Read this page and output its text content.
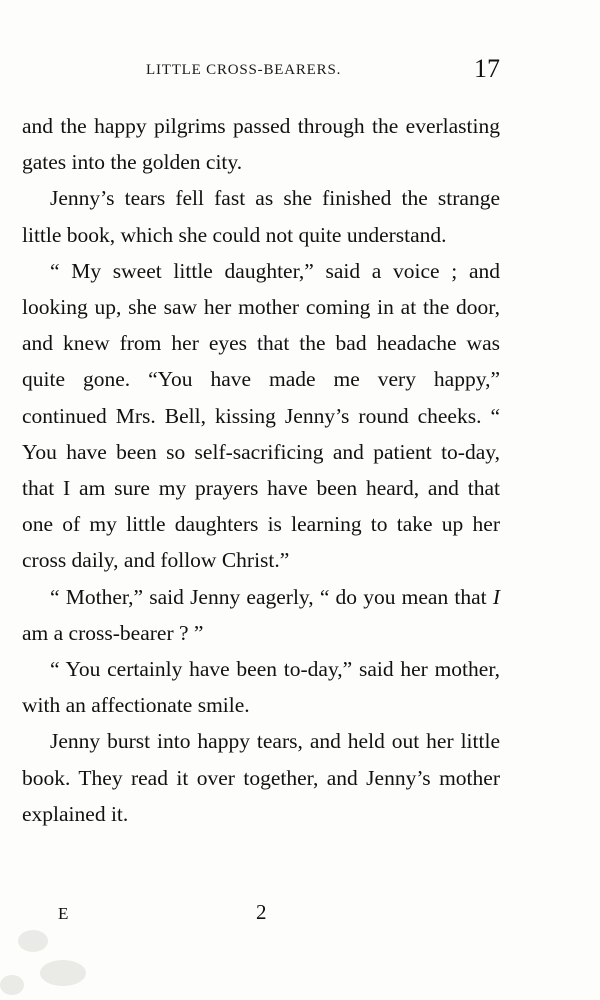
LITTLE CROSS-BEARERS.	17

and the happy pilgrims passed through the everlasting gates into the golden city.

Jenny’s tears fell fast as she finished the strange little book, which she could not quite understand.

“ My sweet little daughter,” said a voice ; and looking up, she saw her mother coming in at the door, and knew from her eyes that the bad headache was quite gone. “You have made me very happy,” continued Mrs. Bell, kissing Jenny’s round cheeks. “ You have been so self-sacrificing and patient to-day, that I am sure my prayers have been heard, and that one of my little daughters is learning to take up her cross daily, and follow Christ.”

“ Mother,” said Jenny eagerly, “ do you mean that I am a cross-bearer ? ”

“ You certainly have been to-day,” said her mother, with an affectionate smile.

Jenny burst into happy tears, and held out her little book. They read it over together, and Jenny’s mother explained it.

E	2
